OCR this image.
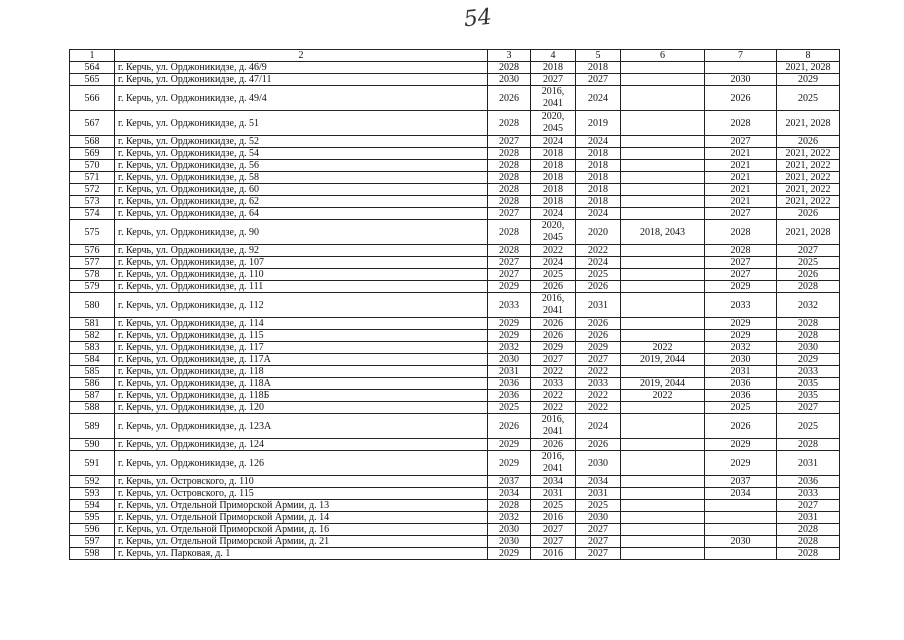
54
1	2	3	4	5	6	7	8
564	г. Керчь, ул. Орджоникидзе, д. 46/9	2028	2018	2018			2021, 2028
565	г. Керчь, ул. Орджоникидзе, д. 47/11	2030	2027	2027		2030	2029
566	г. Керчь, ул. Орджоникидзе, д. 49/4	2026	2016, 2041	2024		2026	2025
567	г. Керчь, ул. Орджоникидзе, д. 51	2028	2020, 2045	2019		2028	2021, 2028
568	г. Керчь, ул. Орджоникидзе, д. 52	2027	2024	2024		2027	2026
569	г. Керчь, ул. Орджоникидзе, д. 54	2028	2018	2018		2021	2021, 2022
570	г. Керчь, ул. Орджоникидзе, д. 56	2028	2018	2018		2021	2021, 2022
571	г. Керчь, ул. Орджоникидзе, д. 58	2028	2018	2018		2021	2021, 2022
572	г. Керчь, ул. Орджоникидзе, д. 60	2028	2018	2018		2021	2021, 2022
573	г. Керчь, ул. Орджоникидзе, д. 62	2028	2018	2018		2021	2021, 2022
574	г. Керчь, ул. Орджоникидзе, д. 64	2027	2024	2024		2027	2026
575	г. Керчь, ул. Орджоникидзе, д. 90	2028	2020, 2045	2020	2018, 2043	2028	2021, 2028
576	г. Керчь, ул. Орджоникидзе, д. 92	2028	2022	2022		2028	2027
577	г. Керчь, ул. Орджоникидзе, д. 107	2027	2024	2024		2027	2025
578	г. Керчь, ул. Орджоникидзе, д. 110	2027	2025	2025		2027	2026
579	г. Керчь, ул. Орджоникидзе, д. 111	2029	2026	2026		2029	2028
580	г. Керчь, ул. Орджоникидзе, д. 112	2033	2016, 2041	2031		2033	2032
581	г. Керчь, ул. Орджоникидзе, д. 114	2029	2026	2026		2029	2028
582	г. Керчь, ул. Орджоникидзе, д. 115	2029	2026	2026		2029	2028
583	г. Керчь, ул. Орджоникидзе, д. 117	2032	2029	2029	2022	2032	2030
584	г. Керчь, ул. Орджоникидзе, д. 117А	2030	2027	2027	2019, 2044	2030	2029
585	г. Керчь, ул. Орджоникидзе, д. 118	2031	2022	2022		2031	2033
586	г. Керчь, ул. Орджоникидзе, д. 118А	2036	2033	2033	2019, 2044	2036	2035
587	г. Керчь, ул. Орджоникидзе, д. 118Б	2036	2022	2022	2022	2036	2035
588	г. Керчь, ул. Орджоникидзе, д. 120	2025	2022	2022		2025	2027
589	г. Керчь, ул. Орджоникидзе, д. 123А	2026	2016, 2041	2024		2026	2025
590	г. Керчь, ул. Орджоникидзе, д. 124	2029	2026	2026		2029	2028
591	г. Керчь, ул. Орджоникидзе, д. 126	2029	2016, 2041	2030		2029	2031
592	г. Керчь, ул. Островского, д. 110	2037	2034	2034		2037	2036
593	г. Керчь, ул. Островского, д. 115	2034	2031	2031		2034	2033
594	г. Керчь, ул. Отдельной Приморской Армии, д. 13	2028	2025	2025			2027
595	г. Керчь, ул. Отдельной Приморской Армии, д. 14	2032	2016	2030			2031
596	г. Керчь, ул. Отдельной Приморской Армии, д. 16	2030	2027	2027			2028
597	г. Керчь, ул. Отдельной Приморской Армии, д. 21	2030	2027	2027		2030	2028
598	г. Керчь, ул. Парковая, д. 1	2029	2016	2027			2028
